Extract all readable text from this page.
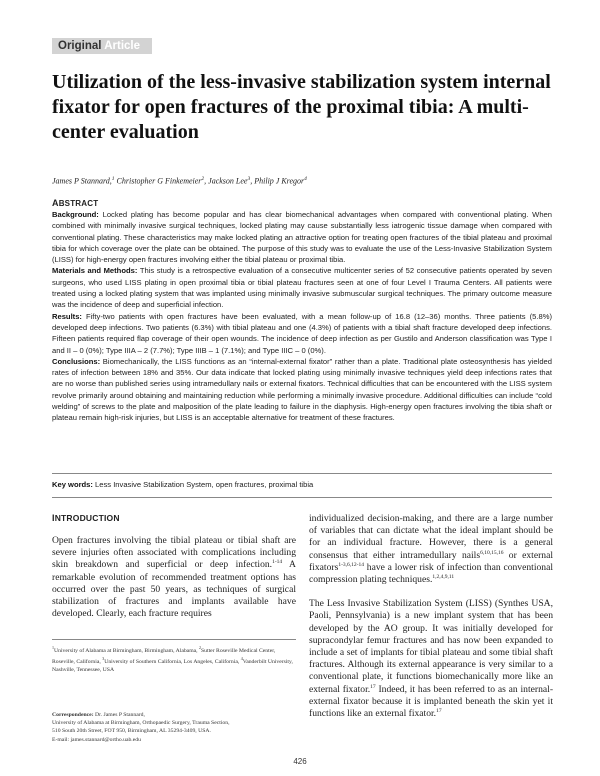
Original Article
Utilization of the less-invasive stabilization system internal fixator for open fractures of the proximal tibia: A multi-center evaluation
James P Stannard,$^1$ Christopher G Finkemeier$^2$, Jackson Lee$^3$, Philip J Kregor$^4$
ABSTRACT

Background: Locked plating has become popular and has clear biomechanical advantages when compared with conventional plating. When combined with minimally invasive surgical techniques, locked plating may cause substantially less iatrogenic tissue damage when compared with conventional plating. These characteristics may make locked plating an attractive option for treating open fractures of the tibial plateau and proximal tibia for which coverage over the plate can be obtained. The purpose of this study was to evaluate the use of the Less-Invasive Stabilization System (LISS) for high-energy open fractures involving either the tibial plateau or proximal tibia.

Materials and Methods: This study is a retrospective evaluation of a consecutive multicenter series of 52 consecutive patients operated by seven surgeons, who used LISS plating in open proximal tibia or tibial plateau fractures seen at one of four Level I Trauma Centers. All patients were treated using a locked plating system that was implanted using minimally invasive submuscular surgical techniques. The primary outcome measure was the incidence of deep and superficial infection.

Results: Fifty-two patients with open fractures have been evaluated, with a mean follow-up of 16.8 (12–36) months. Three patients (5.8%) developed deep infections. Two patients (6.3%) with tibial plateau and one (4.3%) of patients with a tibial shaft fracture developed deep infections. Fifteen patients required flap coverage of their open wounds. The incidence of deep infection as per Gustilo and Anderson classification was Type I and II – 0 (0%); Type IIIA – 2 (7.7%); Type IIIB – 1 (7.1%); and Type IIIC – 0 (0%).

Conclusions: Biomechanically, the LISS functions as an “internal-external fixator” rather than a plate. Traditional plate osteosynthesis has yielded rates of infection between 18% and 35%. Our data indicate that locked plating using minimally invasive techniques yield deep infections rates that are no worse than published series using intramedullary nails or external fixators. Technical difficulties that can be encountered with the LISS system revolve primarily around obtaining and maintaining reduction while performing a minimally invasive procedure. Additional difficulties can include “cold welding” of screws to the plate and malposition of the plate leading to failure in the diaphysis. High-energy open fractures involving the tibia shaft or plateau remain high-risk injuries, but LISS is an acceptable alternative for treatment of these fractures.

Key words: Less Invasive Stabilization System, open fractures, proximal tibia
INTRODUCTION

Open fractures involving the tibial plateau or tibial shaft are severe injuries often associated with complications including skin breakdown and superficial or deep infection.$^{1-14}$ A remarkable evolution of recommended treatment options has occurred over the past 50 years, as techniques of surgical stabilization of fractures and implants available have developed. Clearly, each fracture requires

$^1$University of Alabama at Birmingham, Birmingham, Alabama, $^2$Sutter Roseville Medical Center, Roseville, California, $^3$University of Southern California, Los Angeles, California, $^4$Vanderbilt University, Nashville, Tennessee, USA

Correspondence: Dr. James P Stannard,

University of Alabama at Birmingham, Orthopaedic Surgery, Trauma Section,

510 South 20th Street, FOT 950, Birmingham, AL 35294-3409, USA.

E-mail: james.stannard@ortho.uab.edu

individualized decision-making, and there are a large number of variables that can dictate what the ideal implant should be for an individual fracture. However, there is a general consensus that either intramedullary nails$^{6,10,15,16}$ or external fixators$^{1-3,6,12-14}$ have a lower risk of infection than conventional compression plating techniques.$^{1,2,4,9,11}$

The Less Invasive Stabilization System (LISS) (Synthes USA, Paoli, Pennsylvania) is a new implant system that has been developed by the AO group. It was initially developed for supracondylar femur fractures and has now been expanded to include a set of implants for tibial plateau and some tibial shaft fractures. Although its external appearance is very similar to a conventional plate, it functions biomechanically more like an external fixator.$^{17}$ Indeed, it has been referred to as an internal-external fixator because it is implanted beneath the skin yet it functions like an external fixator.$^{17}$

426
